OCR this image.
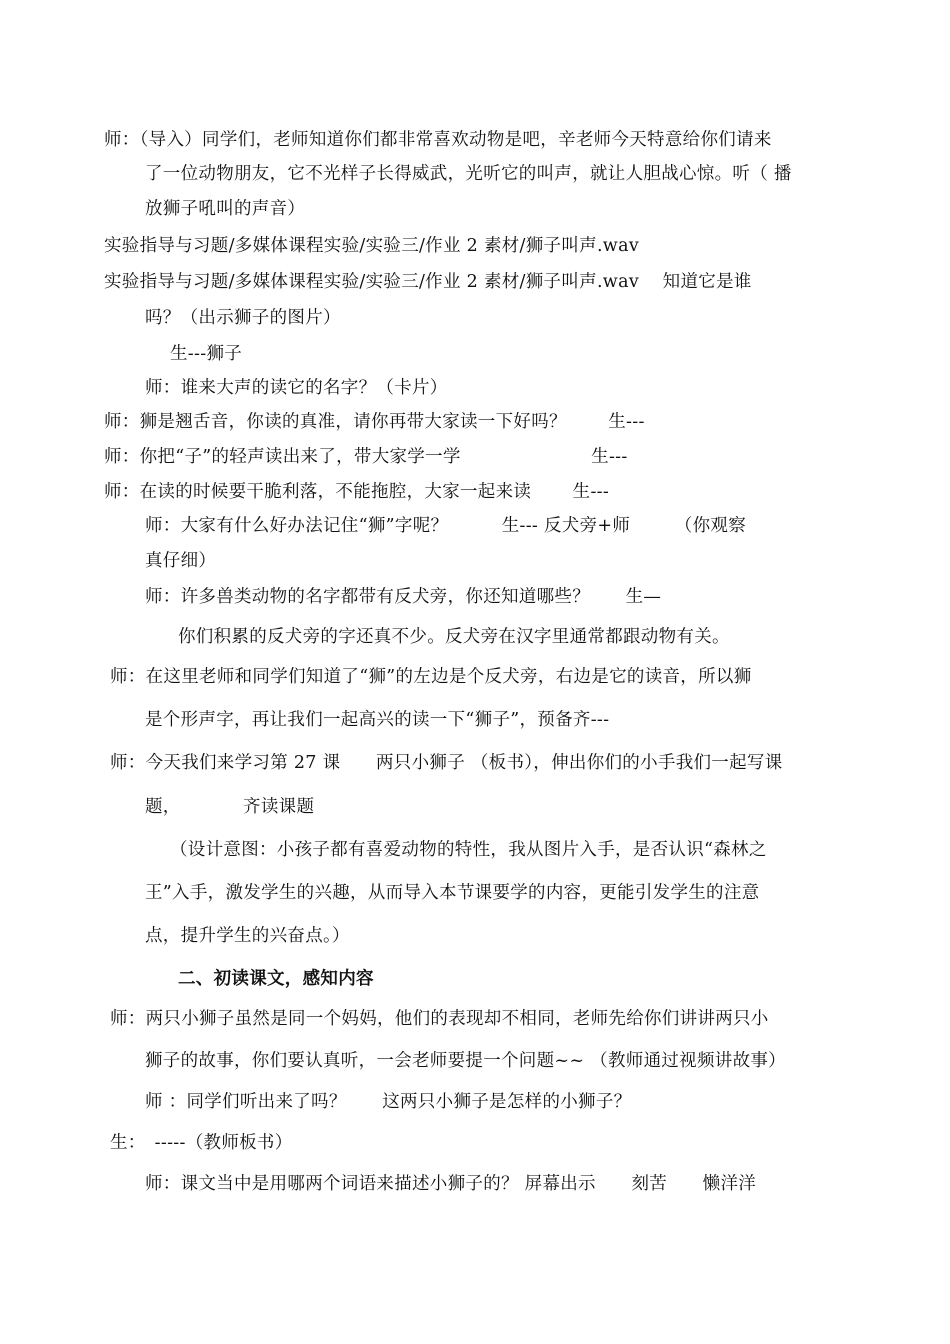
师：（导入）同学们，老师知道你们都非常喜欢动物是吧，辛老师今天特意给你们请来
了一位动物朋友，它不光样子长得威武，光听它的叫声，就让人胆战心惊。听（ 播
放狮子吼叫的声音）
实验指导与习题/多媒体课程实验/实验三/作业 2 素材/狮子叫声.wav
实验指导与习题/多媒体课程实验/实验三/作业 2 素材/狮子叫声.wav　 知道它是谁
吗？（出示狮子的图片）
生---狮子
师：谁来大声的读它的名字？（卡片）
师：狮是翘舌音，你读的真准，请你再带大家读一下好吗？　　 生---
师：你把“子”的轻声读出来了，带大家学一学　　　　　　　 生---
师：在读的时候要干脆利落，不能拖腔，大家一起来读　　 生---
师：大家有什么好办法记住“狮”字呢？　　　生--- 反犬旁+师　　　（你观察
真仔细）
师：许多兽类动物的名字都带有反犬旁，你还知道哪些？　　生—
你们积累的反犬旁的字还真不少。反犬旁在汉字里通常都跟动物有关。
师：在这里老师和同学们知道了“狮”的左边是个反犬旁，右边是它的读音，所以狮
是个形声字，再让我们一起高兴的读一下“狮子”，预备齐---
师：今天我们来学习第 27 课　　两只小狮子 （板书），伸出你们的小手我们一起写课
题，　　　　齐读课题
（设计意图：小孩子都有喜爱动物的特性，我从图片入手，是否认识“森林之
王”入手，激发学生的兴趣，从而导入本节课要学的内容，更能引发学生的注意
点，提升学生的兴奋点。）
二、初读课文，感知内容
师：两只小狮子虽然是同一个妈妈，他们的表现却不相同，老师先给你们讲讲两只小
狮子的故事，你们要认真听，一会老师要提一个问题~~ （教师通过视频讲故事）
师 ：同学们听出来了吗？　　这两只小狮子是怎样的小狮子？
生：　-----（教师板书）
师：课文当中是用哪两个词语来描述小狮子的？ 屏幕出示　　刻苦　　懒洋洋
